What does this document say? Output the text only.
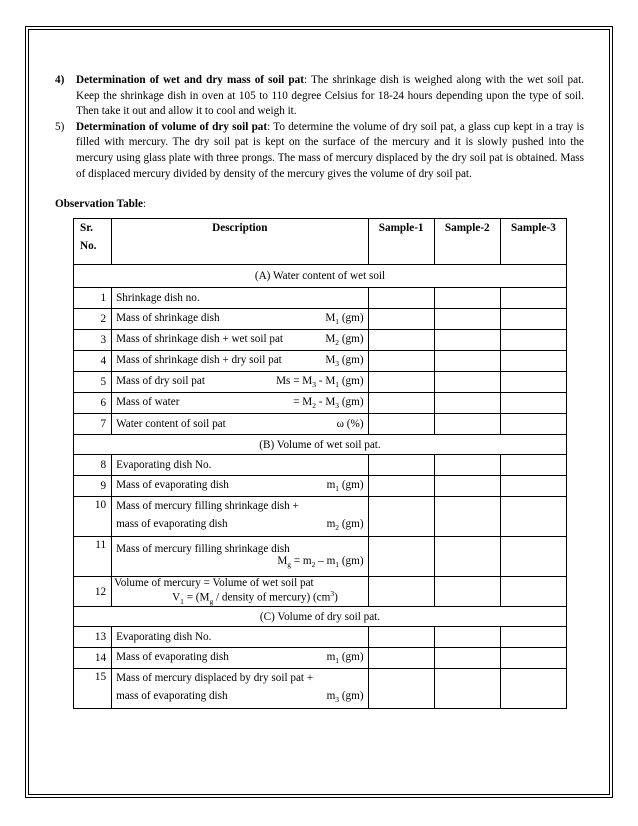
4)	Determination of wet and dry mass of soil pat: The shrinkage dish is weighed along with the wet soil pat. Keep the shrinkage dish in oven at 105 to 110 degree Celsius for 18-24 hours depending upon the type of soil. Then take it out and allow it to cool and weigh it.

5)	Determination of volume of dry soil pat: To determine the volume of dry soil pat, a glass cup kept in a tray is filled with mercury. The dry soil pat is kept on the surface of the mercury and it is slowly pushed into the mercury using glass plate with three prongs. The mass of mercury displaced by the dry soil pat is obtained. Mass of displaced mercury divided by density of the mercury gives the volume of dry soil pat.

Observation Table:

Sr.
No.	Description	Sample-1	Sample-2	Sample-3
(A) Water content of wet soil				
1	Shrinkage dish no.			
2	Mass of shrinkage dish $M_1$ (gm)			

3	Mass of shrinkage dish + wet soil pat $M_2$ (gm)			

4	Mass of shrinkage dish + dry soil pat $M_3$ (gm)			

5	Mass of dry soil pat $Ms = M_3 - M_1$ (gm)			

6	Mass of water = $M_2 - M_3$ (gm)			

7	Water content of soil pat ω (%)			

(B) Volume of wet soil pat.				
8	Evaporating dish No.			
9	Mass of evaporating dish $m_1$ (gm)			

10	Mass of mercury filling shrinkage dish +
mass of evaporating dish $m_2$ (gm)			

11	Mass of mercury filling shrinkage dish
$M_g = m_2 - m_1$ (gm)			

12	Volume of mercury = Volume of wet soil pat
$V_1 = (M_g$ / density of mercury) $(cm^3)$			

(C) Volume of dry soil pat.				
13	Evaporating dish No.			
14	Mass of evaporating dish $m_1$ (gm)			

15	Mass of mercury displaced by dry soil pat +
mass of evaporating dish $m_3$ (gm)			
